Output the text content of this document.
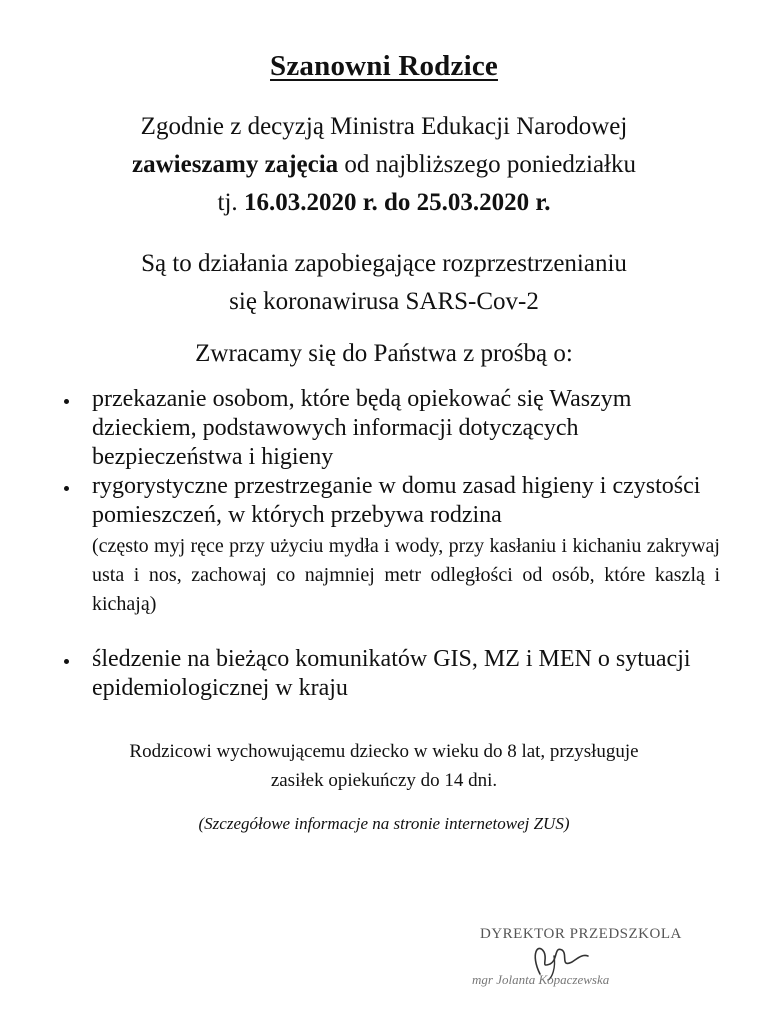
Szanowni Rodzice
Zgodnie z decyzją Ministra Edukacji Narodowej
zawieszamy zajęcia od najbliższego poniedziałku
tj. 16.03.2020 r. do 25.03.2020 r.
Są to działania zapobiegające rozprzestrzenianiu
się koronawirusa SARS-Cov-2
Zwracamy się do Państwa z prośbą o:
przekazanie osobom, które będą opiekować się Waszym dzieckiem, podstawowych informacji dotyczących bezpieczeństwa i higieny
rygorystyczne przestrzeganie w domu zasad higieny i czystości pomieszczeń, w których przebywa rodzina
(często myj ręce przy użyciu mydła i wody, przy kasłaniu i kichaniu zakrywaj usta i nos, zachowaj co najmniej metr odległości od osób, które kaszlą i kichają)
śledzenie na bieżąco komunikatów GIS, MZ i MEN o sytuacji epidemiologicznej w kraju
Rodzicowi wychowującemu dziecko w wieku do 8 lat, przysługuje
zasiłek opiekuńczy do 14 dni.
(Szczegółowe informacje na stronie internetowej ZUS)
DYREKTOR PRZEDSZKOLA
mgr Jolanta Kopaczewska
